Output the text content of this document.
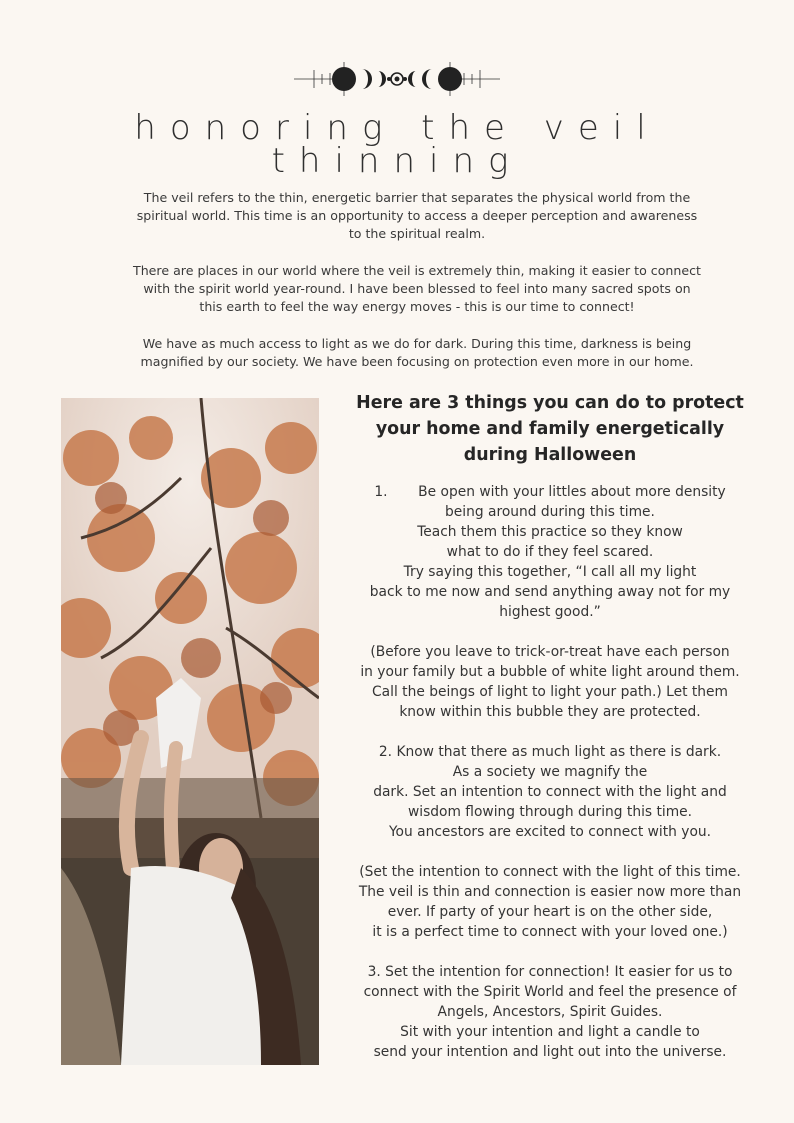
honoring the veil
thinning

The veil refers to the thin, energetic barrier that separates the physical world from the
spiritual world. This time is an opportunity to access a deeper perception and awareness
to the spiritual realm.

There are places in our world where the veil is extremely thin, making it easier to connect
with the spirit world year-round. I have been blessed to feel into many sacred spots on
this earth to feel the way energy moves - this is our time to connect!

We have as much access to light as we do for dark. During this time, darkness is being
magnified by our society. We have been focusing on protection even more in our home.

Here are 3 things you can do to protect
your home and family energetically
during Halloween

1.       Be open with your littles about more density
being around during this time.
Teach them this practice so they know
what to do if they feel scared.
Try saying this together, “I call all my light
back to me now and send anything away not for my
highest good.”

(Before you leave to trick-or-treat have each person
in your family but a bubble of white light around them.
Call the beings of light to light your path.) Let them
know within this bubble they are protected.

2. Know that there as much light as there is dark.
As a society we magnify the
dark. Set an intention to connect with the light and
wisdom flowing through during this time.
You ancestors are excited to connect with you.

(Set the intention to connect with the light of this time.
The veil is thin and connection is easier now more than
ever. If party of your heart is on the other side,
it is a perfect time to connect with your loved one.)

3. Set the intention for connection! It easier for us to
connect with the Spirit World and feel the presence of
Angels, Ancestors, Spirit Guides.
Sit with your intention and light a candle to
send your intention and light out into the universe.
